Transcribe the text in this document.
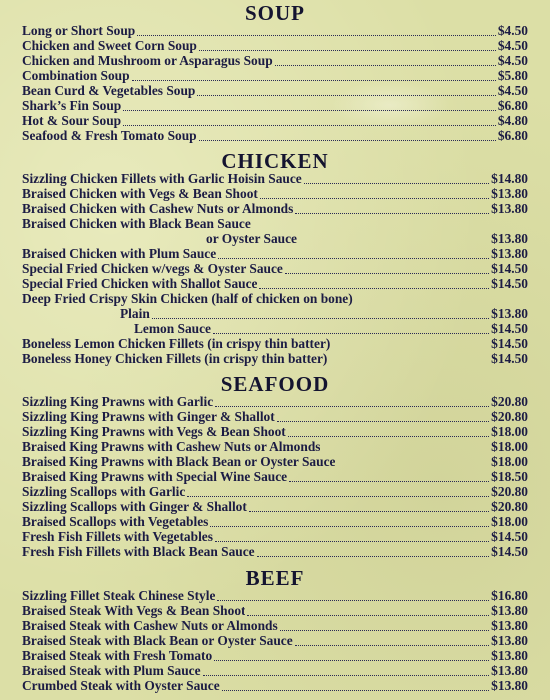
SOUP
Long or Short Soup	$4.50
Chicken and Sweet Corn Soup	$4.50
Chicken and Mushroom or Asparagus Soup	$4.50
Combination Soup	$5.80
Bean Curd & Vegetables Soup	$4.50
Shark’s Fin Soup	$6.80
Hot & Sour Soup	$4.80
Seafood & Fresh Tomato Soup	$6.80
CHICKEN
Sizzling Chicken Fillets with Garlic Hoisin Sauce	$14.80
Braised Chicken with Vegs & Bean Shoot	$13.80
Braised Chicken with Cashew Nuts or Almonds	$13.80
Braised Chicken with Black Bean Sauce
or Oyster Sauce	$13.80
Braised Chicken with Plum Sauce	$13.80
Special Fried Chicken w/vegs & Oyster Sauce	$14.50
Special Fried Chicken with Shallot Sauce	$14.50
Deep Fried Crispy Skin Chicken (half of chicken on bone)
Plain	$13.80
Lemon Sauce	$14.50
Boneless Lemon Chicken Fillets (in crispy thin batter)	$14.50
Boneless Honey Chicken Fillets (in crispy thin batter)	$14.50
SEAFOOD
Sizzling King Prawns with Garlic	$20.80
Sizzling King Prawns with Ginger & Shallot	$20.80
Sizzling King Prawns with Vegs & Bean Shoot	$18.00
Braised King Prawns with Cashew Nuts or Almonds	$18.00
Braised King Prawns with Black Bean or Oyster Sauce	$18.00
Braised King Prawns with Special Wine Sauce	$18.50
Sizzling Scallops with Garlic	$20.80
Sizzling Scallops with Ginger & Shallot	$20.80
Braised Scallops with Vegetables	$18.00
Fresh Fish Fillets with Vegetables	$14.50
Fresh Fish Fillets with Black Bean Sauce	$14.50
BEEF
Sizzling Fillet Steak Chinese Style	$16.80
Braised Steak With Vegs & Bean Shoot	$13.80
Braised Steak with Cashew Nuts or Almonds	$13.80
Braised Steak with Black Bean or Oyster Sauce	$13.80
Braised Steak with Fresh Tomato	$13.80
Braised Steak with Plum Sauce	$13.80
Crumbed Steak with Oyster Sauce	$13.80
